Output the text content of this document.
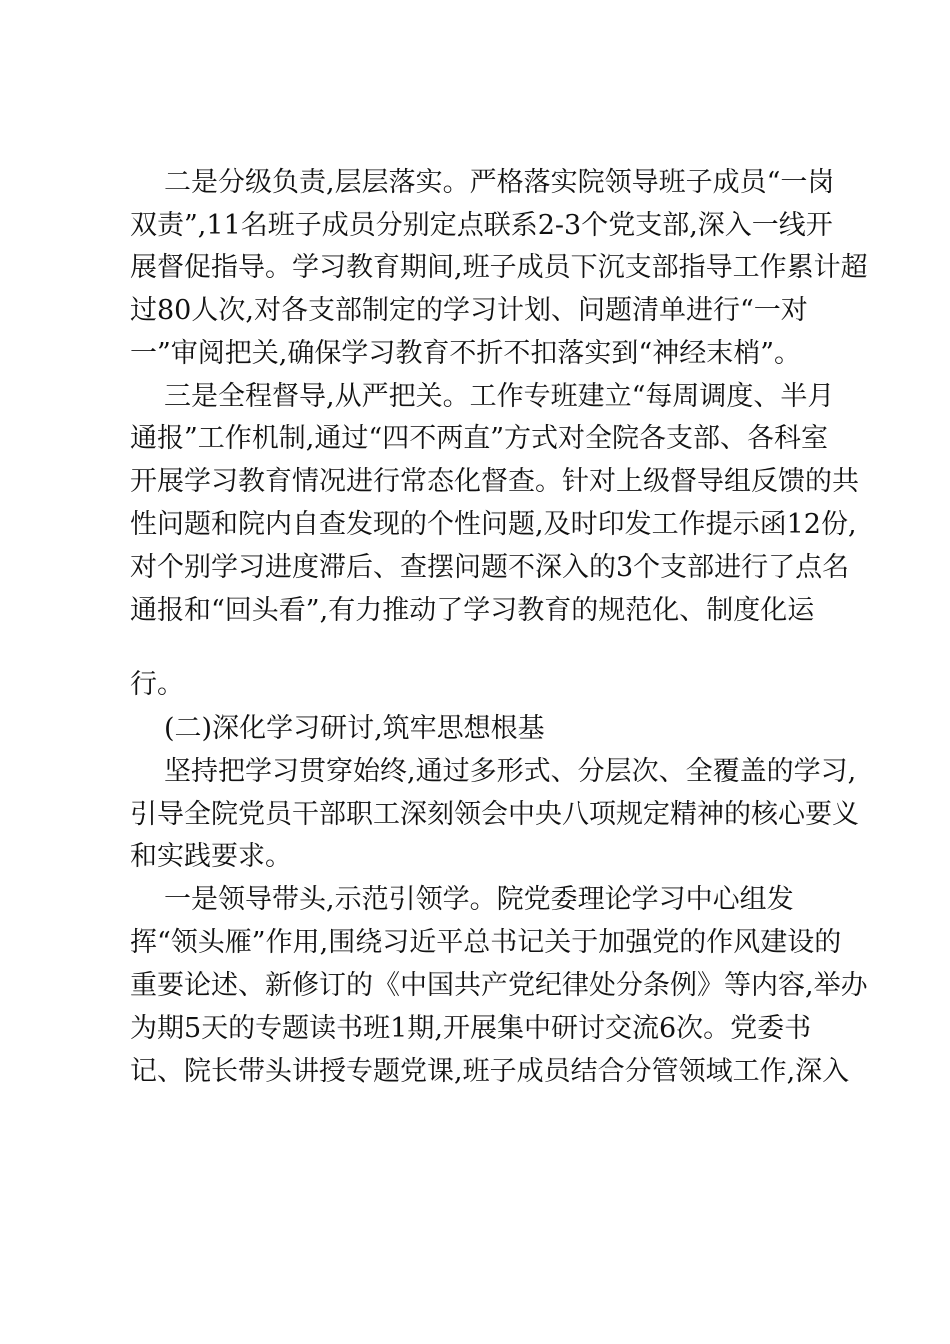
二是分级负责,层层落实。严格落实院领导班子成员“一岗
双责”,11名班子成员分别定点联系2-3个党支部,深入一线开
展督促指导。学习教育期间,班子成员下沉支部指导工作累计超
过80人次,对各支部制定的学习计划、问题清单进行“一对
一”审阅把关,确保学习教育不折不扣落实到“神经末梢”。
三是全程督导,从严把关。工作专班建立“每周调度、半月
通报”工作机制,通过“四不两直”方式对全院各支部、各科室
开展学习教育情况进行常态化督查。针对上级督导组反馈的共
性问题和院内自查发现的个性问题,及时印发工作提示函12份,
对个别学习进度滞后、查摆问题不深入的3个支部进行了点名
通报和“回头看”,有力推动了学习教育的规范化、制度化运
行。
(二)深化学习研讨,筑牢思想根基
坚持把学习贯穿始终,通过多形式、分层次、全覆盖的学习,
引导全院党员干部职工深刻领会中央八项规定精神的核心要义
和实践要求。
一是领导带头,示范引领学。院党委理论学习中心组发
挥“领头雁”作用,围绕习近平总书记关于加强党的作风建设的
重要论述、新修订的《中国共产党纪律处分条例》等内容,举办
为期5天的专题读书班1期,开展集中研讨交流6次。党委书
记、院长带头讲授专题党课,班子成员结合分管领域工作,深入
